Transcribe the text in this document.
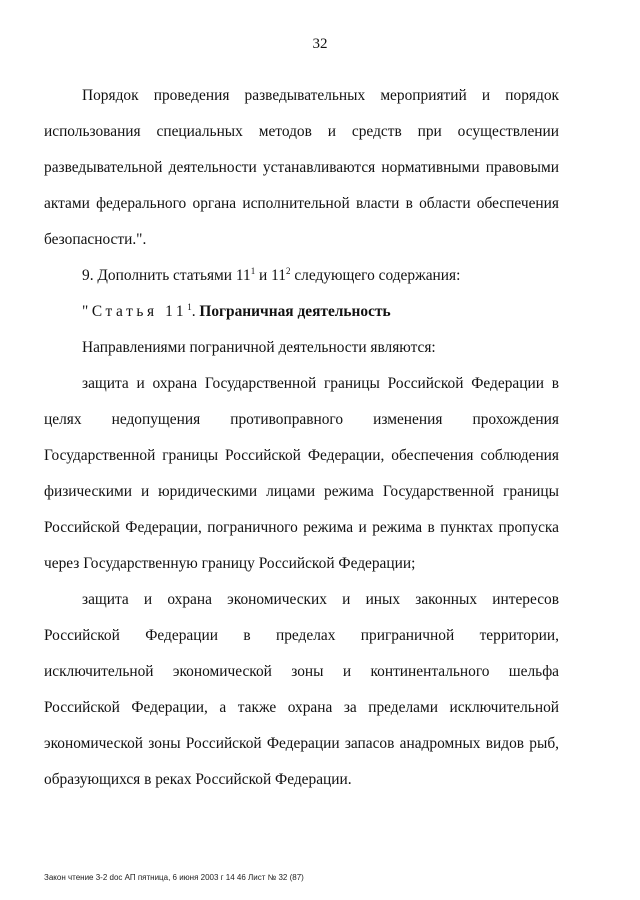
32

Порядок проведения разведывательных мероприятий и порядок использования специальных методов и средств при осуществлении разведывательной деятельности устанавливаются нормативными правовыми актами федерального органа исполнительной власти в области обеспечения безопасности.".

9. Дополнить статьями $11^1$ и $11^2$ следующего содержания:

"Статья $11^1$. Пограничная деятельность

Направлениями пограничной деятельности являются:

защита и охрана Государственной границы Российской Федерации в целях недопущения противоправного изменения прохождения Государственной границы Российской Федерации, обеспечения соблюдения физическими и юридическими лицами режима Государственной границы Российской Федерации, пограничного режима и режима в пунктах пропуска через Государственную границу Российской Федерации;

защита и охрана экономических и иных законных интересов Российской Федерации в пределах приграничной территории, исключительной экономической зоны и континентального шельфа Российской Федерации, а также охрана за пределами исключительной экономической зоны Российской Федерации запасов анадромных видов рыб, образующихся в реках Российской Федерации.

Закон чтение 3-2 doc АП пятница, 6 июня 2003 г 14 46 Лист № 32 (87)
